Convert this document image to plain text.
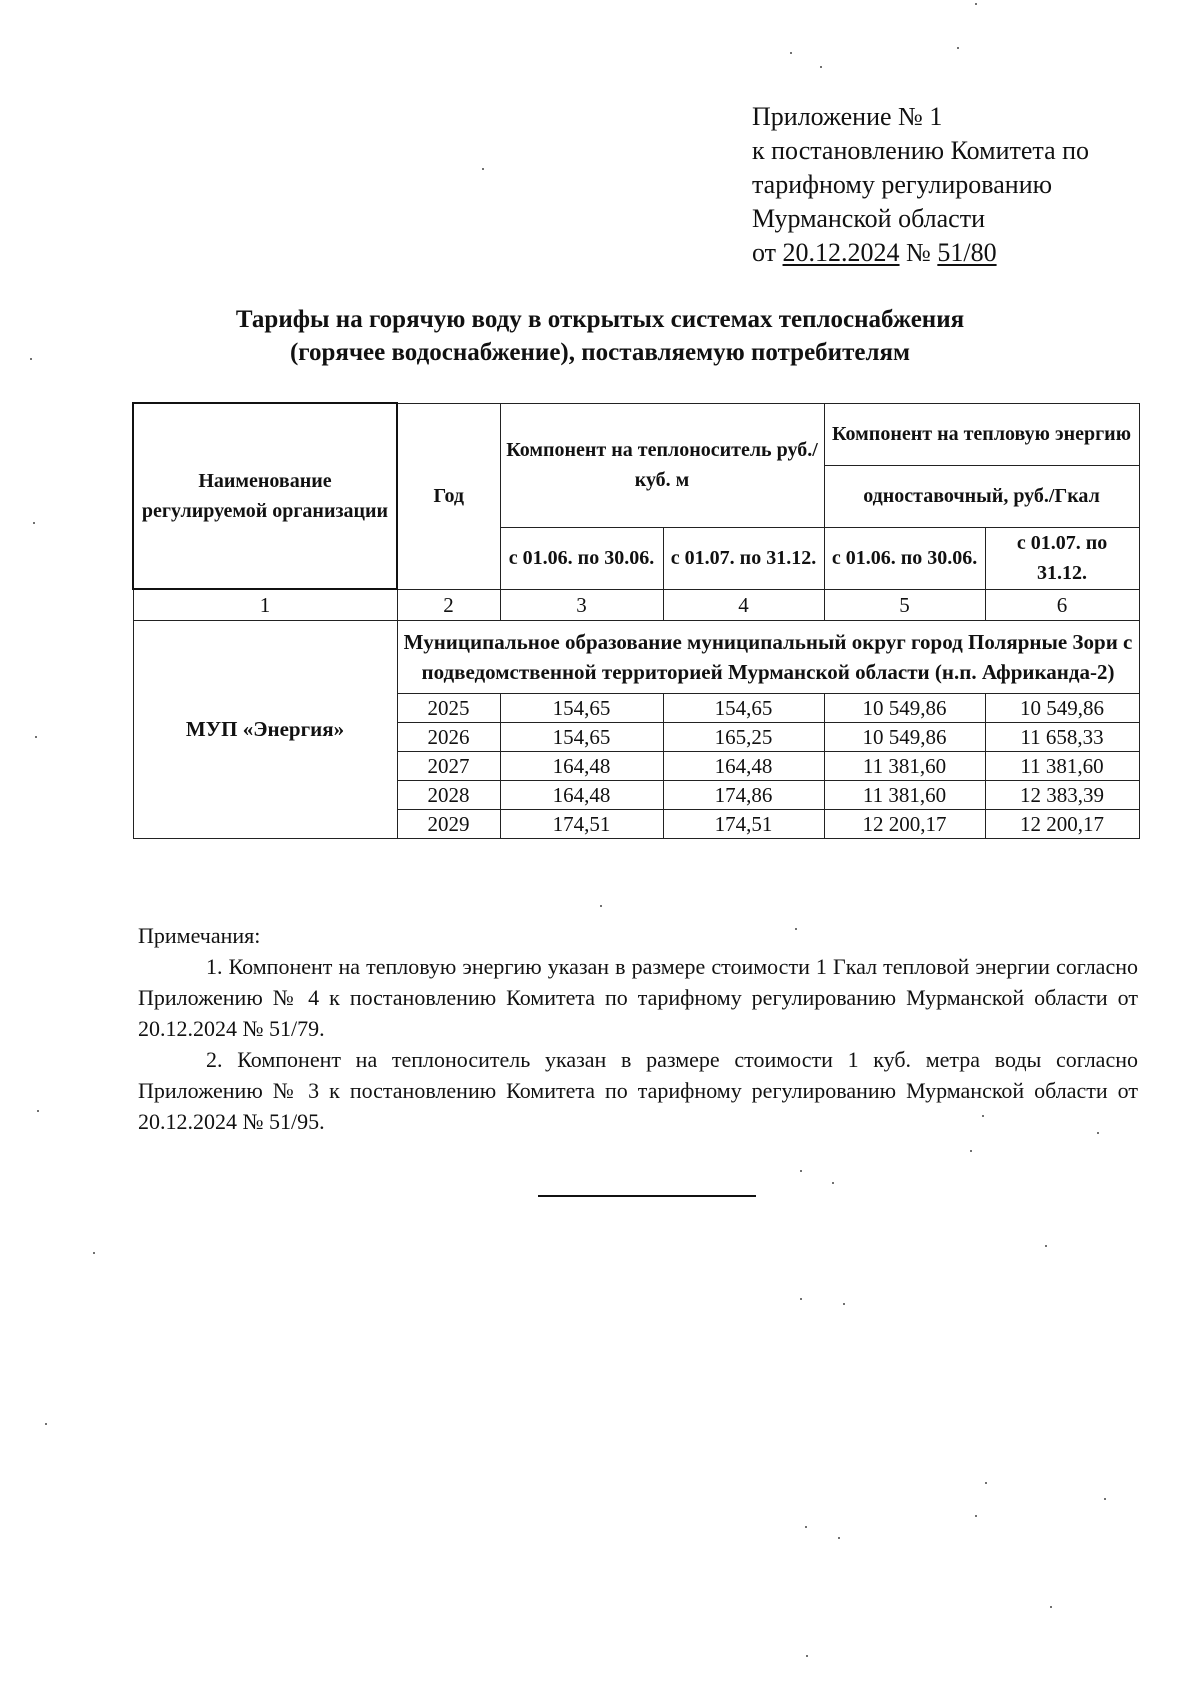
Приложение № 1
к постановлению Комитета по
тарифному регулированию
Мурманской области
от 20.12.2024 № 51/80
Тарифы на горячую воду в открытых системах теплоснабжения
(горячее водоснабжение), поставляемую потребителям
Наименование регулируемой организации	Год	Компонент на теплоноситель руб./куб. м		Компонент на тепловую энергию	
				одноставочный, руб./Гкал	
		с 01.06. по 30.06.	с 01.07. по 31.12.	с 01.06. по 30.06.	с 01.07. по 31.12.
1	2	3	4	5	6
МУП «Энергия»	Муниципальное образование муниципальный округ город Полярные Зори с подведомственной территорией Мурманской области (н.п. Африканда-2)				
	2025	154,65	154,65	10 549,86	10 549,86
	2026	154,65	165,25	10 549,86	11 658,33
	2027	164,48	164,48	11 381,60	11 381,60
	2028	164,48	174,86	11 381,60	12 383,39
	2029	174,51	174,51	12 200,17	12 200,17
Примечания:

1. Компонент на тепловую энергию указан в размере стоимости 1 Гкал тепловой энергии согласно Приложению № 4 к постановлению Комитета по тарифному регулированию Мурманской области от 20.12.2024 № 51/79.

2. Компонент на теплоноситель указан в размере стоимости 1 куб. метра воды согласно Приложению № 3 к постановлению Комитета по тарифному регулированию Мурманской области от 20.12.2024 № 51/95.
